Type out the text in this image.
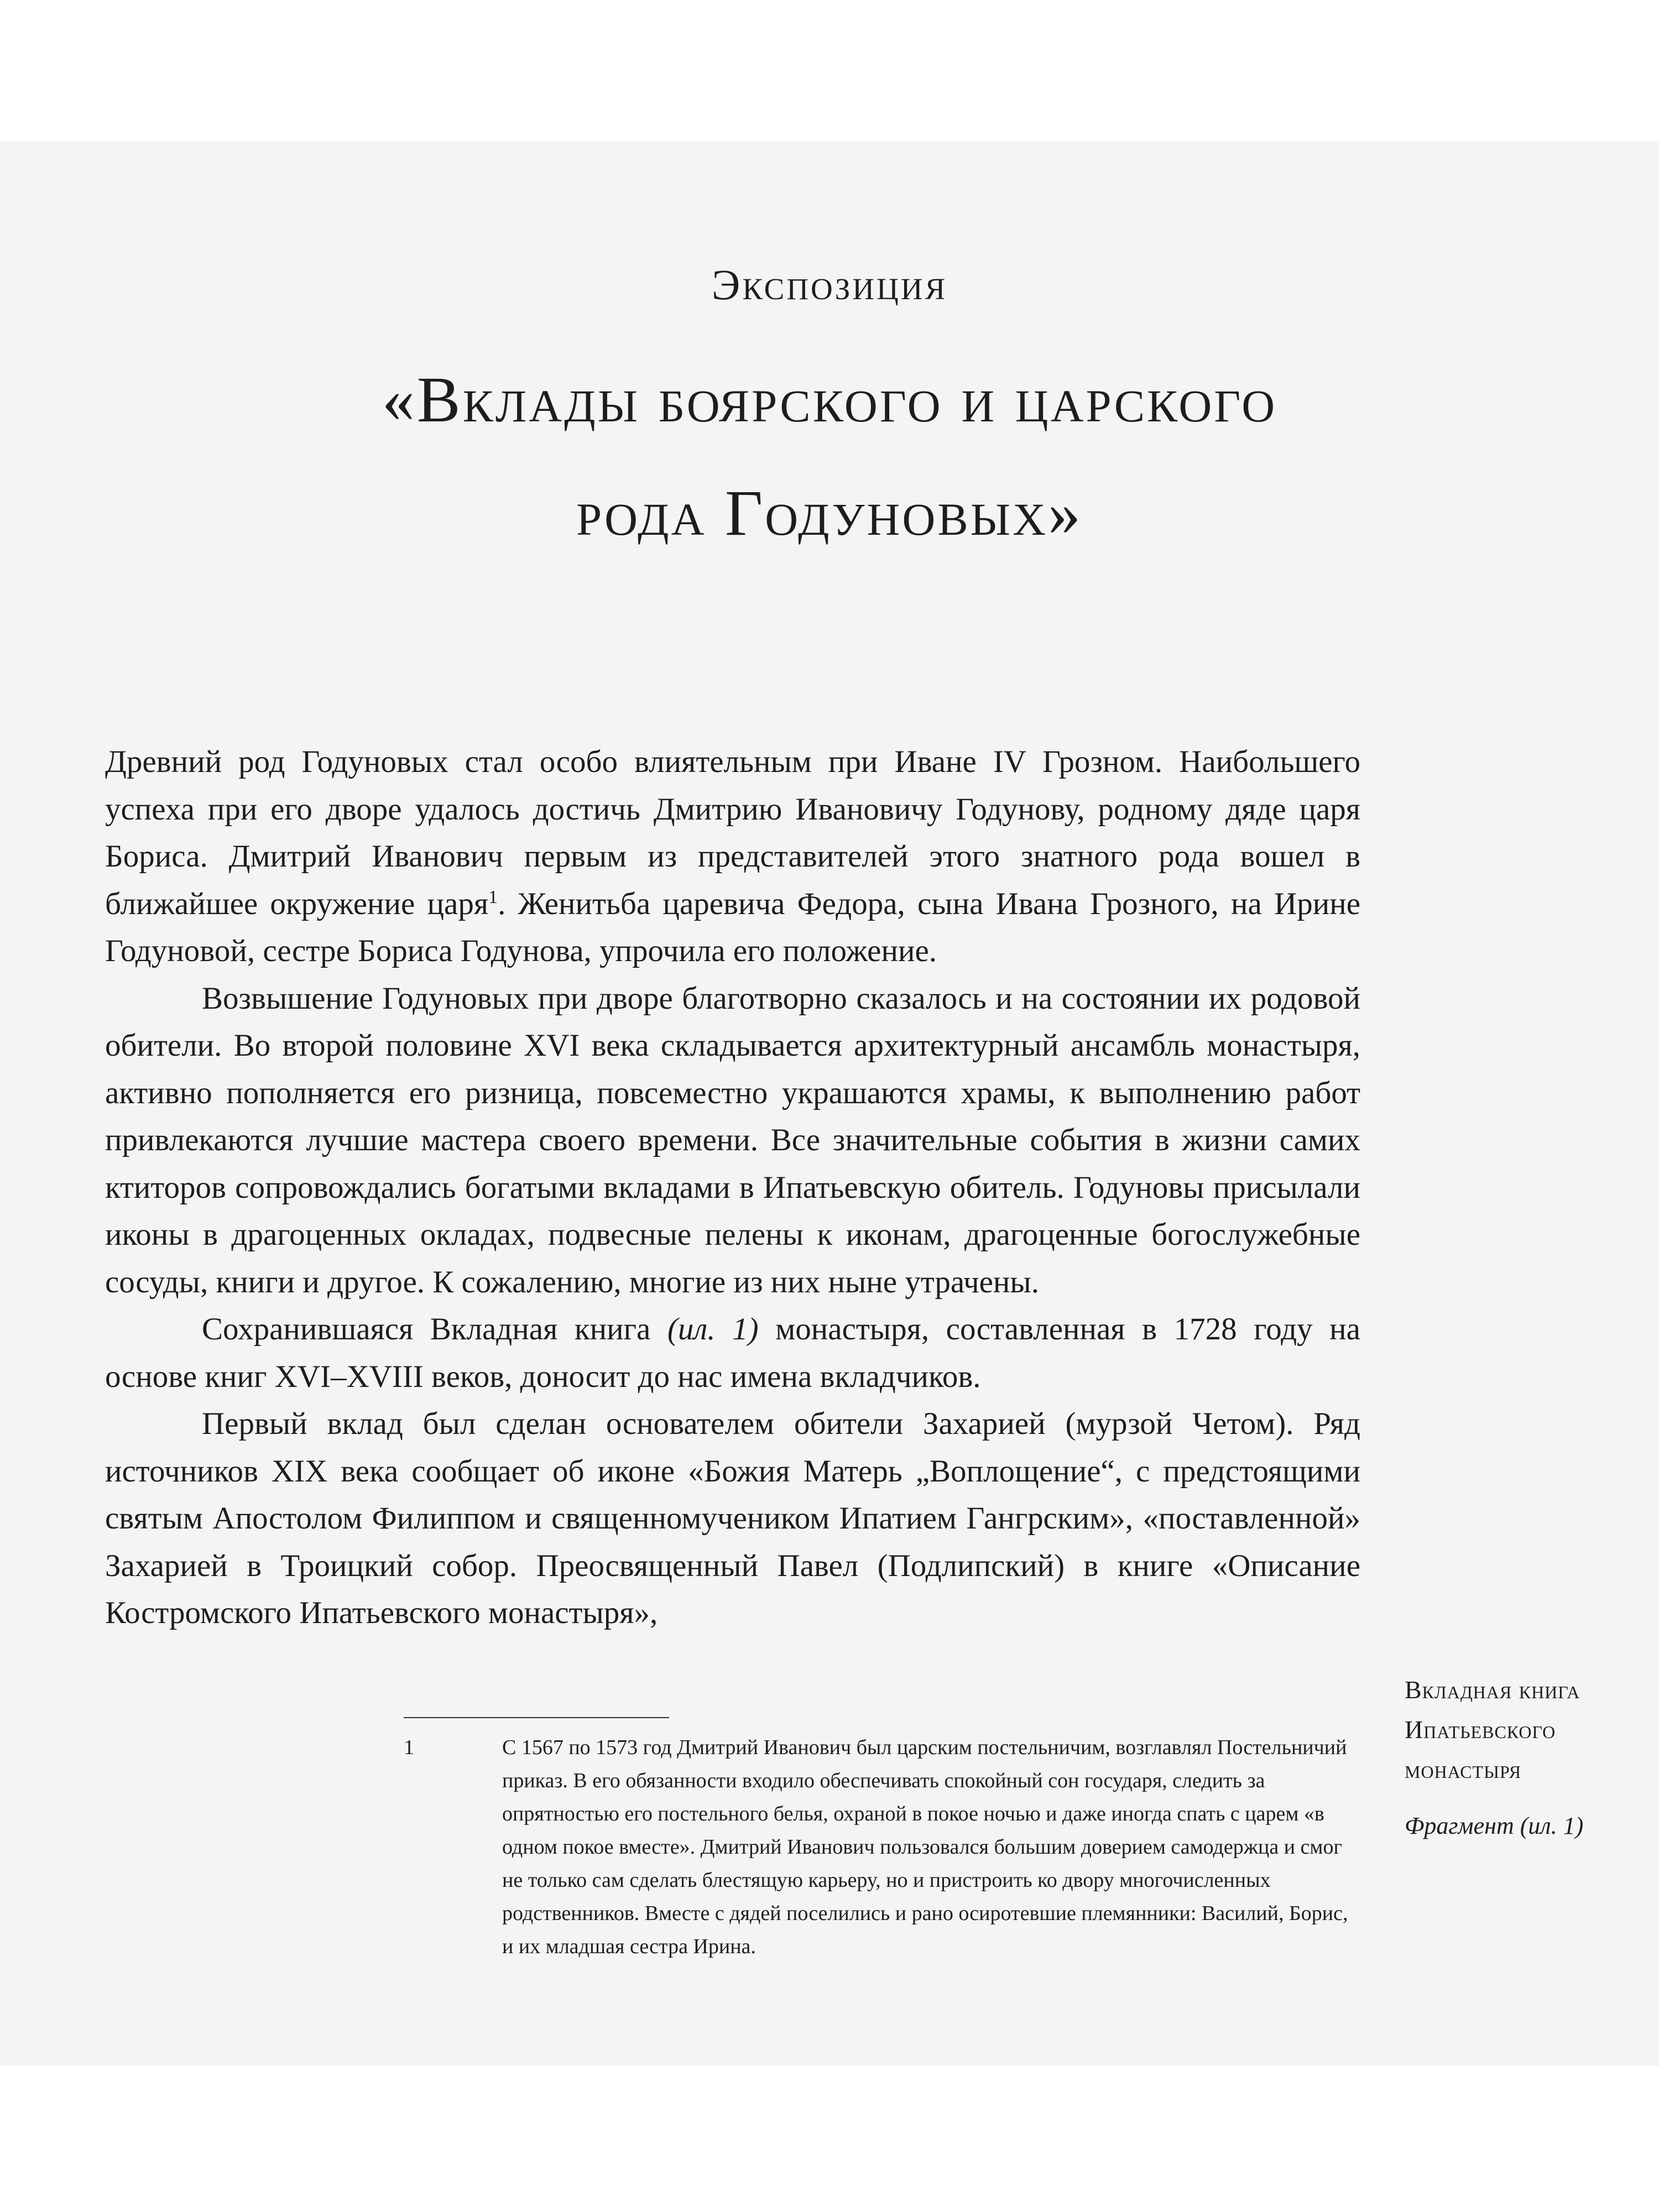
Экспозиция
«Вклады боярского и царского
рода Годуновых»

Древний род Годуновых стал особо влиятельным при Иване IV Грозном. Наибольшего успеха при его дворе удалось достичь Дмитрию Ивановичу Годунову, родному дяде царя Бориса. Дмитрий Иванович первым из представителей этого знатного рода вошел в ближайшее окружение царя$^1$. Женитьба царевича Федора, сына Ивана Грозного, на Ирине Годуновой, сестре Бориса Годунова, упрочила его положение.

Возвышение Годуновых при дворе благотворно сказалось и на состоянии их родовой обители. Во второй половине XVI века складывается архитектурный ансамбль монастыря, активно пополняется его ризница, повсеместно украшаются храмы, к выполнению работ привлекаются лучшие мастера своего времени. Все значительные события в жизни самих ктиторов сопровождались богатыми вкладами в Ипатьевскую обитель. Годуновы присылали иконы в драгоценных окладах, подвесные пелены к иконам, драгоценные богослужебные сосуды, книги и другое. К сожалению, многие из них ныне утрачены.

Сохранившаяся Вкладная книга (ил. 1) монастыря, составленная в 1728 году на основе книг XVI–XVIII веков, доносит до нас имена вкладчиков.

Первый вклад был сделан основателем обители Захарией (мурзой Четом). Ряд источников XIX века сообщает об иконе «Божия Матерь „Воплощение“, с предстоящими святым Апостолом Филиппом и священномучеником Ипатием Гангрским», «поставленной» Захарией в Троицкий собор. Преосвященный Павел (Подлипский) в книге «Описание Костромского Ипатьевского монастыря»,

1	С 1567 по 1573 год Дмитрий Иванович был царским постельничим, возглавлял Постельничий приказ. В его обязанности входило обеспечивать спокойный сон государя, следить за опрятностью его постельного белья, охраной в покое ночью и даже иногда спать с царем «в одном покое вместе». Дмитрий Иванович пользовался большим доверием самодержца и смог не только сам сделать блестящую карьеру, но и пристроить ко двору многочисленных родственников. Вместе с дядей поселились и рано осиротевшие племянники: Василий, Борис, и их младшая сестра Ирина.
Вкладная книга Ипатьевского монастыря
Фрагмент (ил. 1)
